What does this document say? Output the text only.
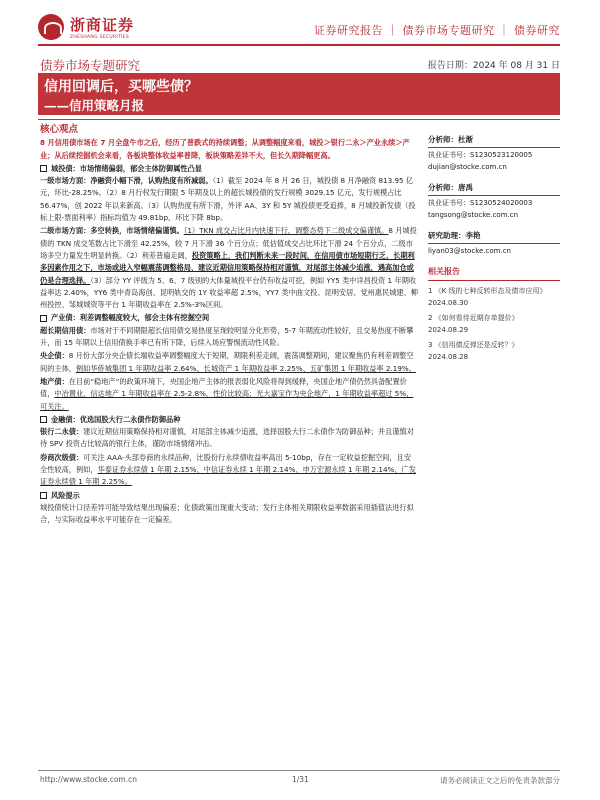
浙商证券
ZHESHANG SECURITIES
证券研究报告 ｜ 债券市场专题研究 ｜ 债券研究
债券市场专题研究	报告日期：2024 年 08 月 31 日
信用回调后，买哪些债？
——信用策略月报
核心观点
8 月信用债市场在 7 月全盘牛市之后，经历了普跌式的持续调整；从调整幅度来看，城投＞银行二永＞产业永续＞产业；从后续挖掘机会来看，各板块整体收益率普降，板块策略差异不大，但长久期降幅更高。
城投债：市场情绪偏弱，郁会主体防御属性凸显
一级市场方面：净融资小幅下滑，认购热度有所减弱。（1）截至 2024 年 8 月 26 日，城投债 8 月净融资 813.95 亿元，环比-28.25%。（2）8 月行权发行期限 5 年期及以上的超长城投债的发行规模 3029.15 亿元，发行规模占比 56.47%，创 2022 年以来新高。（3）认购热度有所下滑，外评 AA、3Y 和 5Y 城投债更受追捧，8 月城投新发债（投标上限-票面利率）指标均值为 49.81bp，环比下降 8bp。
二级市场方面：多空转换，市场情绪偏谨慎。（1）TKN 成交占比月内快速下行，调整态势下二级成交偏谨慎。8 月城投债的 TKN 成交笔数占比下滑至 42.25%，较 7 月下滑 36 个百分点；低估值成交占比环比下滑 24 个百分点，二级市场多空力量发生明显转换。（2）利差普遍走阔，投资策略上，我们判断未来一段时间，在信用债市场短期行乏、长期利多因素作用之下，市场或进入窄幅震荡调整格局，建议近期信用策略保持相对谨慎，对尾部主体减少追涨，遇高加仓或仍是合理选择。（3）部分 YY 评级为 5、6、7 级别的大体量城投平台仍有收益可挖，例如 YY5 类中详昌投资 1 年期收益率达 2.40%，YY6 类中青岛海创、昆明轨交的 1Y 收益率超 2.5%，YY7 类中曲文投、昆明安居、党州惠民城建、柳州投控、邹城城资等平台 1 年期收益率在 2.5%-3%区间。
产业债：利差调整幅度较大，郁会主体有挖掘空间
超长期信用债：市场对于不同期限超长信用债交易热度呈现较明显分化形势，5-7 年期流动性较好，且交易热度不断攀升，而 15 年期以上信用债换手率已有所下降，后续入场应警惕流动性风险。
央企债：8 月份大部分央企债长端收益率调整幅度大于短期，期限利差走阔，震荡调整期间，建议聚焦仍有利差调整空间的主体，例如华侨城集团 1 年期收益率 2.64%、长城资产 1 年期收益率 2.25%、五矿集团 1 年期收益率 2.19%。
地产债：在目前“稳地产”的政策环境下，央国企地产主体的报表弱化风险将得到缓释，央国企地产债仍然具备配置价值，中冶置业、信达地产 1 年期收益率在 2.5-2.8%，性价比较高；光大嘉宝作为央企地产，1 年期收益率超过 5%，可关注。
金融债：优选国股大行二永债作防御品种
银行二永债：建议近期信用策略保持相对谨慎，对尾部主体减少追涨，选择国股大行二永债作为防御品种；并且谨慎对待 SPV 投资占比较高的银行主体，谨防市场情绪冲击。
券商次级债：可关注 AAA-头部券商的永续品种，比股份行永续债收益率高出 5-10bp，存在一定收益挖掘空间，且安全性较高，例如，华泰证券永续债 1 年期 2.15%、中信证券永续 1 年期 2.14%、申万宏源永续 1 年期 2.14%、广发证券永续债 1 年期 2.25%。
风险提示
城投债统计口径差异可能导致结果出现偏差；化债政策出现重大变动；发行主体相关期限收益率数据采用插值法进行拟合，与实际收益率水平可能存在一定偏差。
分析师：杜渐
执业证书号：S1230523120005
dujian@stocke.com.cn
分析师：唐禹
执业证书号：S1230524020003
tangsong@stocke.com.cn
研究助理：李艳
liyan03@stocke.com.cn
相关报告
1 《K 线的七种反转形态及债市应用》 2024.08.30
2 《如何看待近期存单提价》 2024.08.29
3 《信用债反弹还是反转？》 2024.08.28
http://www.stocke.com.cn	1/31	请务必阅读正文之后的免责条款部分
